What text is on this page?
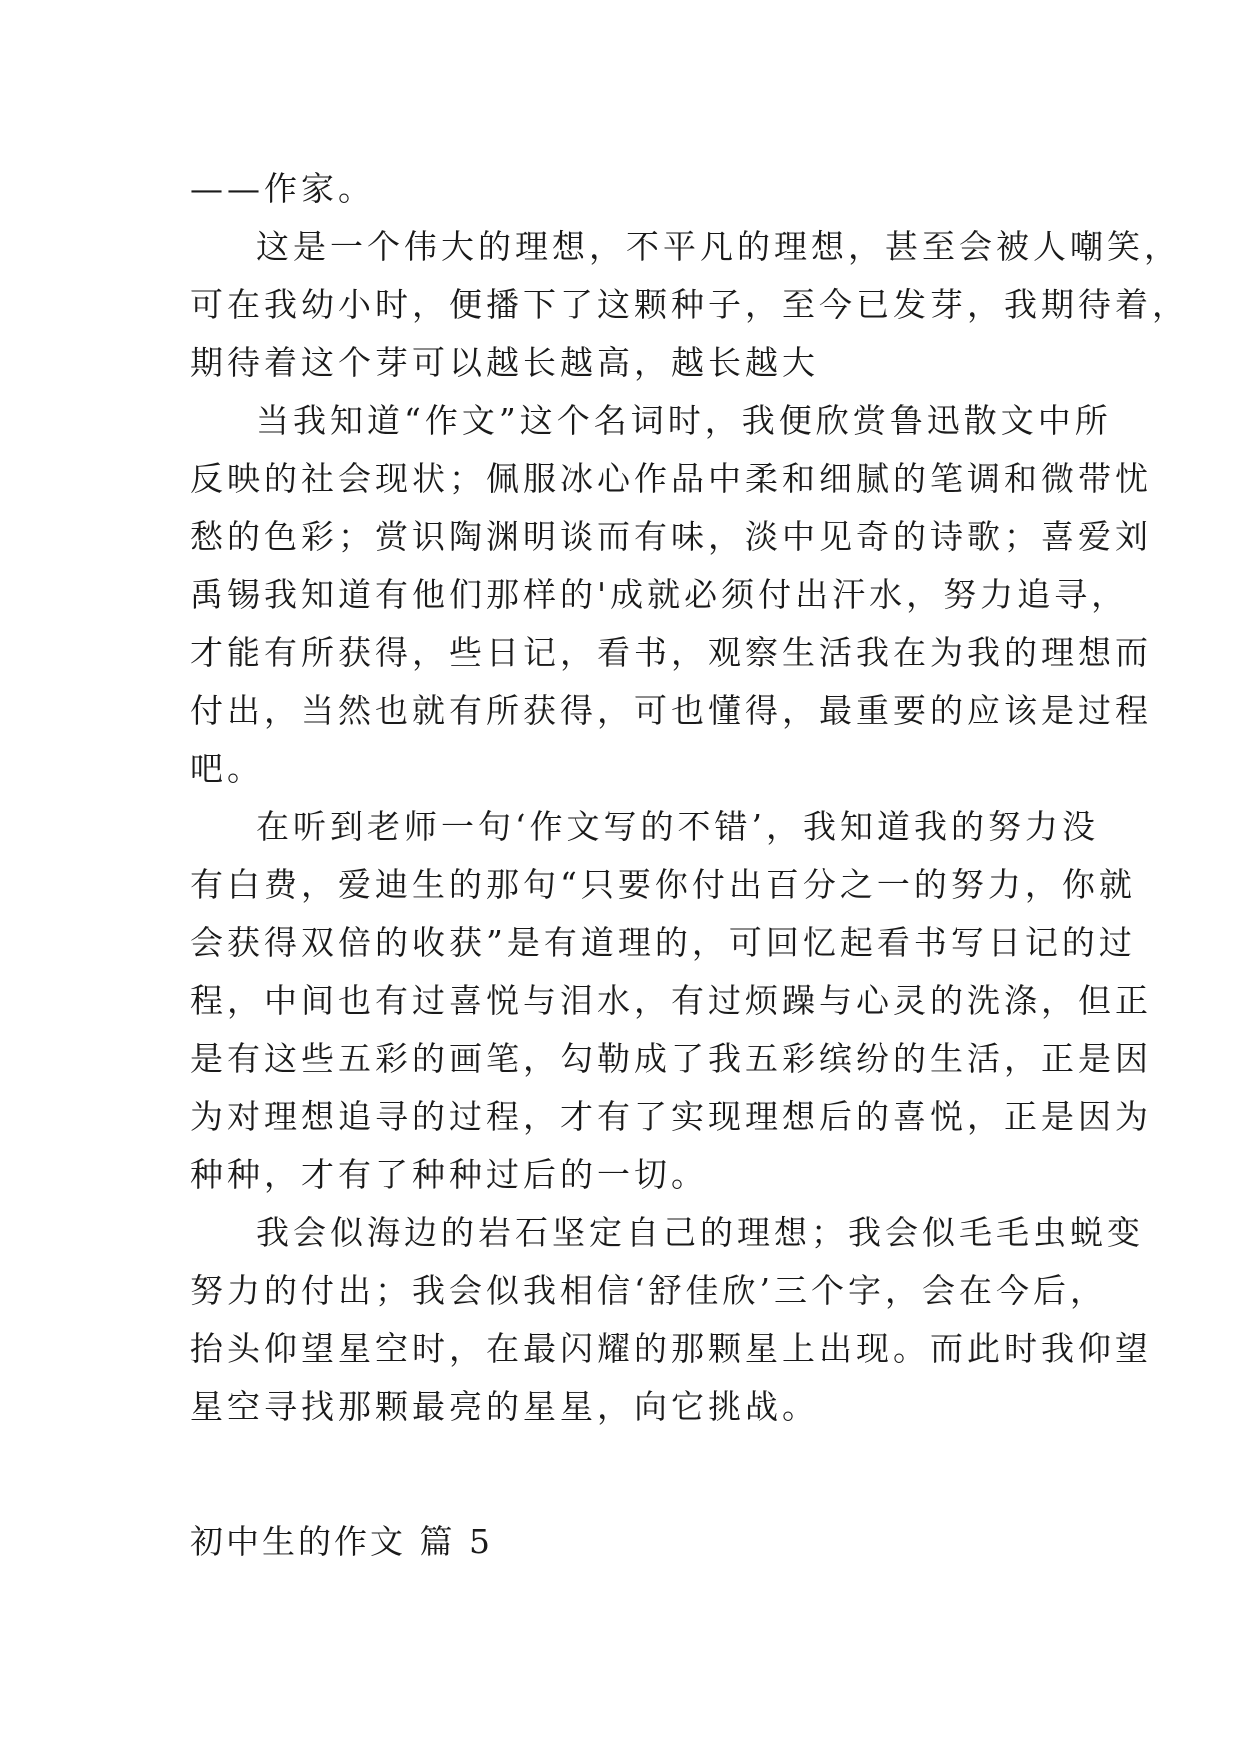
——作家。
这是一个伟大的理想，不平凡的理想，甚至会被人嘲笑，
可在我幼小时，便播下了这颗种子，至今已发芽，我期待着，
期待着这个芽可以越长越高，越长越大
当我知道“作文”这个名词时，我便欣赏鲁迅散文中所
反映的社会现状；佩服冰心作品中柔和细腻的笔调和微带忧
愁的色彩；赏识陶渊明谈而有味，淡中见奇的诗歌；喜爱刘
禹锡我知道有他们那样的'成就必须付出汗水，努力追寻，
才能有所获得，些日记，看书，观察生活我在为我的理想而
付出，当然也就有所获得，可也懂得，最重要的应该是过程
吧。
在听到老师一句‘作文写的不错’，我知道我的努力没
有白费，爱迪生的那句“只要你付出百分之一的努力，你就
会获得双倍的收获”是有道理的，可回忆起看书写日记的过
程，中间也有过喜悦与泪水，有过烦躁与心灵的洗涤，但正
是有这些五彩的画笔，勾勒成了我五彩缤纷的生活，正是因
为对理想追寻的过程，才有了实现理想后的喜悦，正是因为
种种，才有了种种过后的一切。
我会似海边的岩石坚定自己的理想；我会似毛毛虫蜕变
努力的付出；我会似我相信‘舒佳欣’三个字，会在今后，
抬头仰望星空时，在最闪耀的那颗星上出现。而此时我仰望
星空寻找那颗最亮的星星，向它挑战。
初中生的作文 篇 5
